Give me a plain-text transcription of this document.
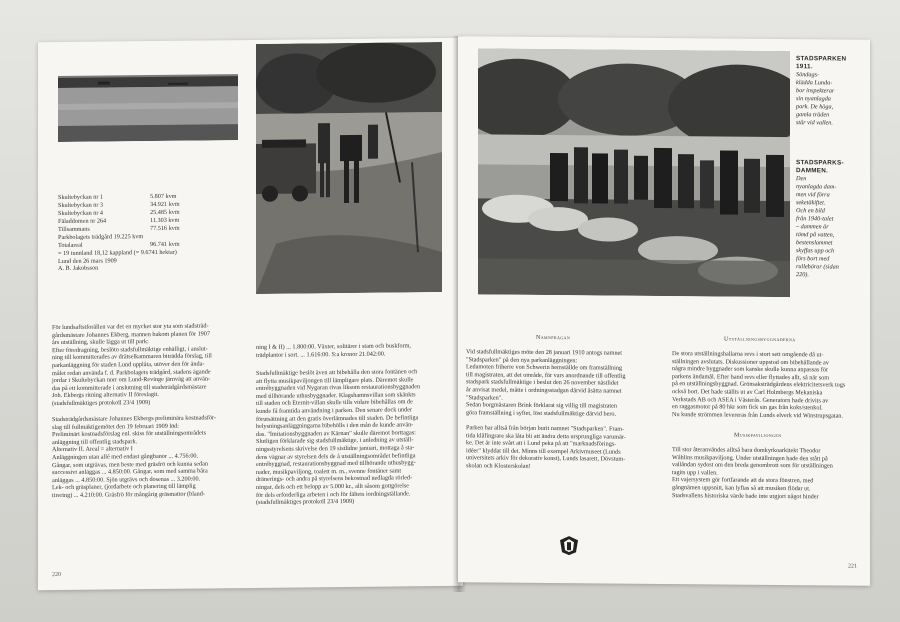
Skultebyckan nr 1	5.807 kvm
Skultebyckan nr 3	34.921 kvm
Skultebyckan nr 4	25.485 kvm
Fäladdomen nr 264	11.303 kvm
Tillsammans	77.516 kvm
Parkbolagets trädgård 19.225 kvm
Totalareal	96.741 kvm
= 19 tunnland 18,12 kappland (= 9.6741 hektar)
Lund den 26 mars 1909
A. B. Jakobsson
För lundsaftstforällen var det en mycket stor yta som stadsträd-
gårdsmästare Johannes Ekberg, mannen bakom planen för 1907
års utställning, skulle lägga ut till park:
Efter föredragning, beslöto stadsfullmäktige enhälligt, i anslut-
ning till kommitterades av drätselkammaren biträdda förslag, till
parkanläggning för staden Lund upplåta, utöver den för ända-
målet redan använda f. d. Parkbolagets trädgård, stadens ägande
jordar i Skultebyckan norr om Lund-Revinge järnväg att använ-
das på ett kommitterade i anslutning till stadsträdgårdsmästare
Joh. Ekbergs ritning alternativ II föreslagit.
(stadsfullmäktiges protokoll 23/4 1909)
Stadsträdgårdsmästare Johannes Ekbergs preliminära kostnadsför-
slag till fullmäktigemötet den 19 februari 1909 löd:
Preliminärt kostnadsförslag enl. skiss för utställningsområdets
anläggning till offentlig stadspark.
Alternativ II. Areal = alternativ I
Anläggningen utan allé med endast gångbanor ... 4.756:00.
Gångar, som utgrävas, men beste med gräsfrö och kunna sedan
successivt anläggas ... 4.850:00. Gångar, som med samma båra
anläggas ... 4.850:00. Sjön utgrävs och dosenas ... 3.200:00.
Lek- och gräsplaner, (jordarbete och planering till lämplig
tirering) ... 4.210:00. Gräsfrö för mångårig gräsmattor (bland-
ning I & II) ... 1.800:00. Växter, solitärer i stam och buskform,
trädplantor i sort. ... 1.616:00. S:a kronor 21.042:00.
Stadsfullmäktige beslöt även att bibehålla den stora fontänen och
att flytta musikpaviljongen till lämpligare plats. Däremot skulle
entrébyggnaden vid Nygaran rivas liksom restaurationsbyggnaden
med tillhörande uthusbyggnader. Klagshamnsvillan som skänkts
till staden och Eternit-villan skulle tills vidare bibehållas om de
kunde få framtida användning i parken. Den senare dock under
förutsättning att den gratis överlämnades till staden. De befintliga
belysningsanläggningarna bibehölls i den mån de kunde använ-
das. "Imitationsbyggnaden av Kärnan" skulle däremot borttagas:
Slutligen förklarade sig stadsfullmäktige, i anledning av utställ-
ningsstyrelsens skrivelse den 19 sistlidne januari, mottaga å sta-
dens vägnar av styrelsen dels de å utställningsområdet befintliga
entrébyggnad, restaurationsbyggnad med tillhörande uthusbygg-
nader, musikpaviljong, toalett m. m., svenne fontäner samt
dränerings- och andra på styrelsens bekostnad nedlagda rörled-
ningar, dels och ett belopp av 5.000 kr., allt såsom gottgörelse
för dels erforderliga arbeten i och för fältets iordningställande.
(stadsfullmäktiges protokoll 23/4 1909)
220
STADSPARKEN
1911.
Söndags-
klädda Lunda-
bor inspekterar
sin nyanlagda
park. De höga,
gamla träden
står vid vallen.
STADSPARKS-
DAMMEN.
Den
nyanlagda dam-
men vid förra
seketäkiftet.
Och en bild
från 1940-talet
– dammen är
tömd på vatten,
bestenslammet
skyffas upp och
förs bort med
rullebörar (sidan
220).
Namnfrågan	Utställningsbyggnaderna
Vid stadsfullmäktiges möte den 28 januari 1910 antogs namnet
"Stadsparken" på den nya parkanläggningen:
Ledamoten friherre von Schwerin hemställde om framställning
till magistraten, att det område, för vars anordnande till offentlig
stadspark stadsfullmäktige i beslut den 26 november nästlidet
år anvisat medel, måtte i ordningsstadgan därvid åsätta namnet
"Stadsparken".
Sedan borgmästaren Brink förklarat sig villig till magistraten
göra framställning i syftet, löst stadsfullmäktige därvid bero.

Parken har alltså från början burit namnet "Stadsparken". Fram-
tida klåfingrare ska låta bli att ändra detta ursprungliga varumär-
ke. Det är inte svårt att i Lund peka på att "marknadsförings-
idéer" klyddat till det. Minns till exempel Arkivmuseet (Lunds
universitets arkiv för dekorativ konst), Lunds lasarett, Dövstum-
skolan och Klosterskolan!
De stora utställningshallarna revs i stort sett omgående då ut-
ställningen avslutats. Diskussioner uppstod om bibehållande av
några mindre byggnader som kanske skulle kunna anpassas för
parkens ändamål. Efter hand revs eller flyttades allt, så när som
på en utställningsbyggnad. Grönsaksträdgårdens elektricitetsverk togs
också bort. Det hade ställts ut av Carl Holmbergs Mekaniska
Verkstads AB och ASEA i Västerås. Generatorn hade drivits av
en raggasmotor på 80 hkr som fick sin gas från koks/stenkol.
Nu kunde strömmen levereras från Lunds elverk vid Winstrupsgatan.
Musikpaviljongen
Till stor återanvändes alltså bara domkyrkoarkitekt Theodor
Wåhlins musikpaviljong. Under utställningen hade den stått på
vallåndan sydost om den breda genombrott som för utställningen
tagits upp i vallen.
Ett vajersystem gör fortfarande att de stora fönstren, med
gångnämen uppsnitt, kan lyftas så att musiken flödar ut.
Stadsvallens historiska värde bade inte utgjort något hinder
221
